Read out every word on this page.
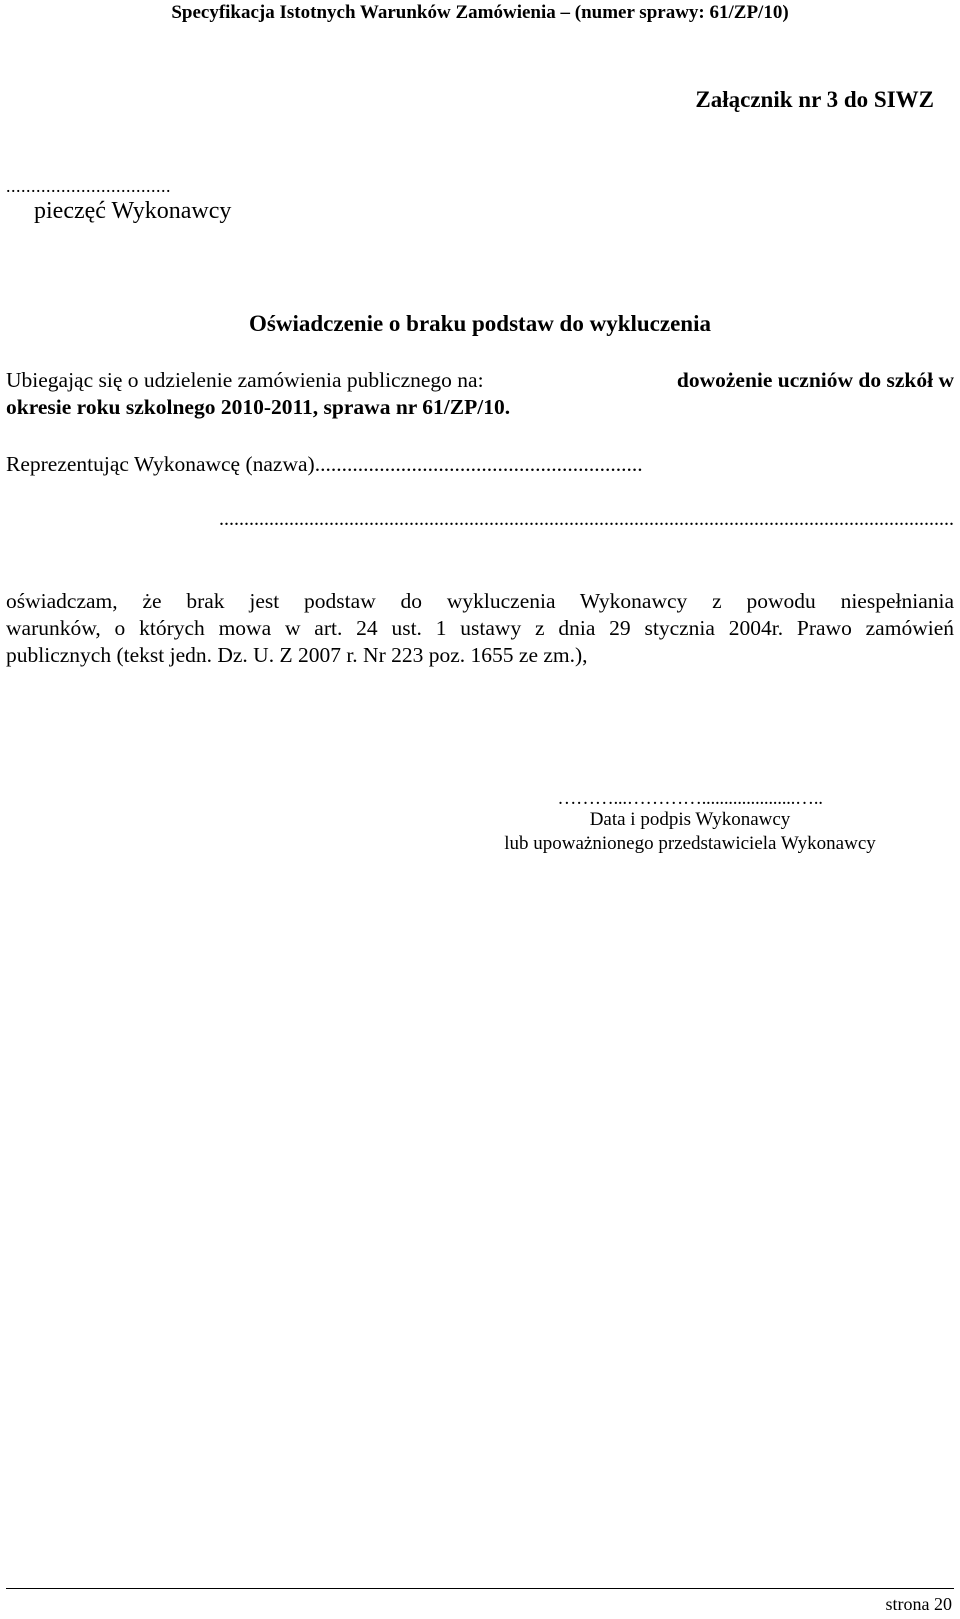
Specyfikacja Istotnych Warunków Zamówienia – (numer sprawy: 61/ZP/10)
Załącznik nr 3 do SIWZ
.................................
pieczęć Wykonawcy
Oświadczenie o braku podstaw do wykluczenia
Ubiegając się o udzielenie zamówienia publicznego na:	dowożenie uczniów do szkół w
okresie roku szkolnego 2010-2011, sprawa nr 61/ZP/10.
Reprezentując Wykonawcę (nazwa).............................................................
...................................................................................................................................................
oświadczam, że brak jest podstaw do wykluczenia Wykonawcy z powodu niespełniania
warunków, o których mowa w art. 24 ust. 1 ustawy z dnia 29 stycznia 2004r. Prawo zamówień
publicznych (tekst jedn. Dz. U. Z 2007 r. Nr 223 poz. 1655 ze zm.),
………...………….....................…..
Data i podpis Wykonawcy
lub upoważnionego przedstawiciela Wykonawcy
strona 20
